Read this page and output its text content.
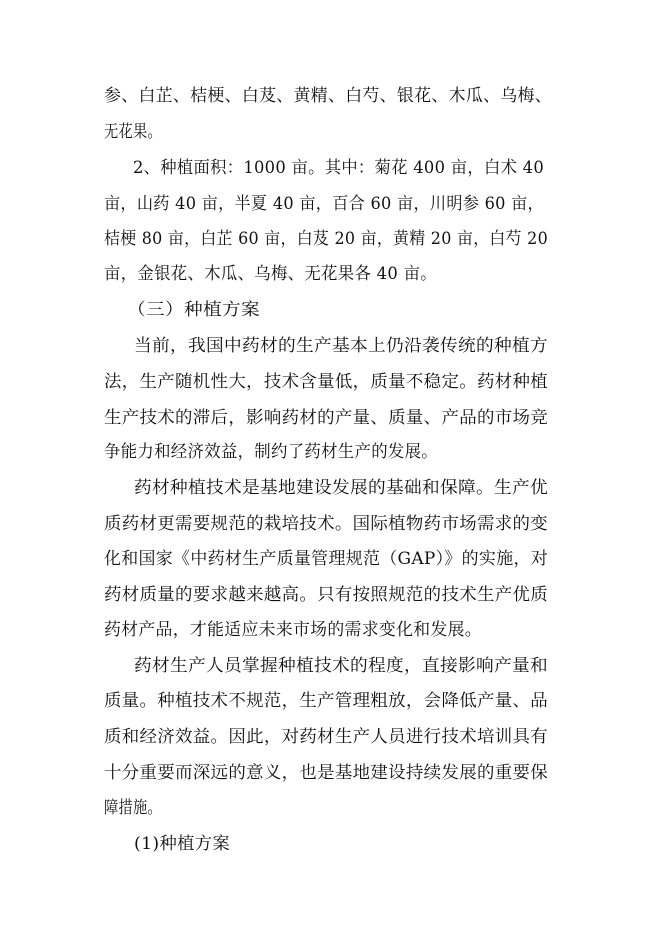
参、白芷、桔梗、白芨、黄精、白芍、银花、木瓜、乌梅、
无花果。
2、种植面积：1000 亩。其中：菊花 400 亩，白术 40
亩，山药 40 亩，半夏 40 亩，百合 60 亩，川明参 60 亩，
桔梗 80 亩，白芷 60 亩，白芨 20 亩，黄精 20 亩，白芍 20
亩，金银花、木瓜、乌梅、无花果各 40 亩。
（三）种植方案
当前，我国中药材的生产基本上仍沿袭传统的种植方
法，生产随机性大，技术含量低，质量不稳定。药材种植
生产技术的滞后，影响药材的产量、质量、产品的市场竞
争能力和经济效益，制约了药材生产的发展。
药材种植技术是基地建设发展的基础和保障。生产优
质药材更需要规范的栽培技术。国际植物药市场需求的变
化和国家《中药材生产质量管理规范（GAP）》的实施，对
药材质量的要求越来越高。只有按照规范的技术生产优质
药材产品，才能适应未来市场的需求变化和发展。
药材生产人员掌握种植技术的程度，直接影响产量和
质量。种植技术不规范，生产管理粗放，会降低产量、品
质和经济效益。因此，对药材生产人员进行技术培训具有
十分重要而深远的意义，也是基地建设持续发展的重要保
障措施。
(1)种植方案
